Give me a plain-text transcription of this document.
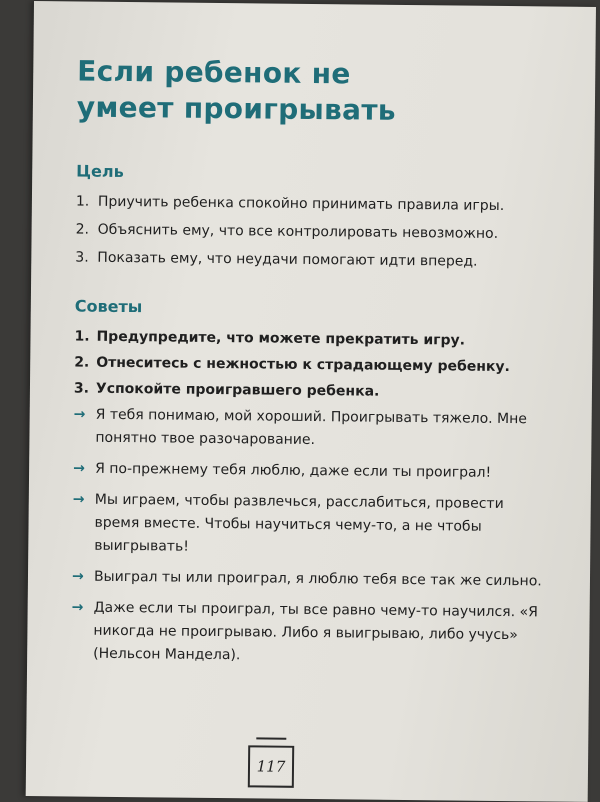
Если ребенок не умеет проигрывать
Цель
1. Приучить ребенка спокойно принимать правила игры.
2. Объяснить ему, что все контролировать невозможно.
3. Показать ему, что неудачи помогают идти вперед.
Советы
1. Предупредите, что можете прекратить игру.
2. Отнеситесь с нежностью к страдающему ребенку.
3. Успокойте проигравшего ребенка.
→ Я тебя понимаю, мой хороший. Проигрывать тяжело. Мне понятно твое разочарование.
→ Я по-прежнему тебя люблю, даже если ты проиграл!
→ Мы играем, чтобы развлечься, расслабиться, провести время вместе. Чтобы научиться чему-то, а не чтобы выигрывать!
→ Выиграл ты или проиграл, я люблю тебя все так же сильно.
→ Даже если ты проиграл, ты все равно чему-то научился. «Я никогда не проигрываю. Либо я выигрываю, либо учусь» (Нельсон Мандела).
117
